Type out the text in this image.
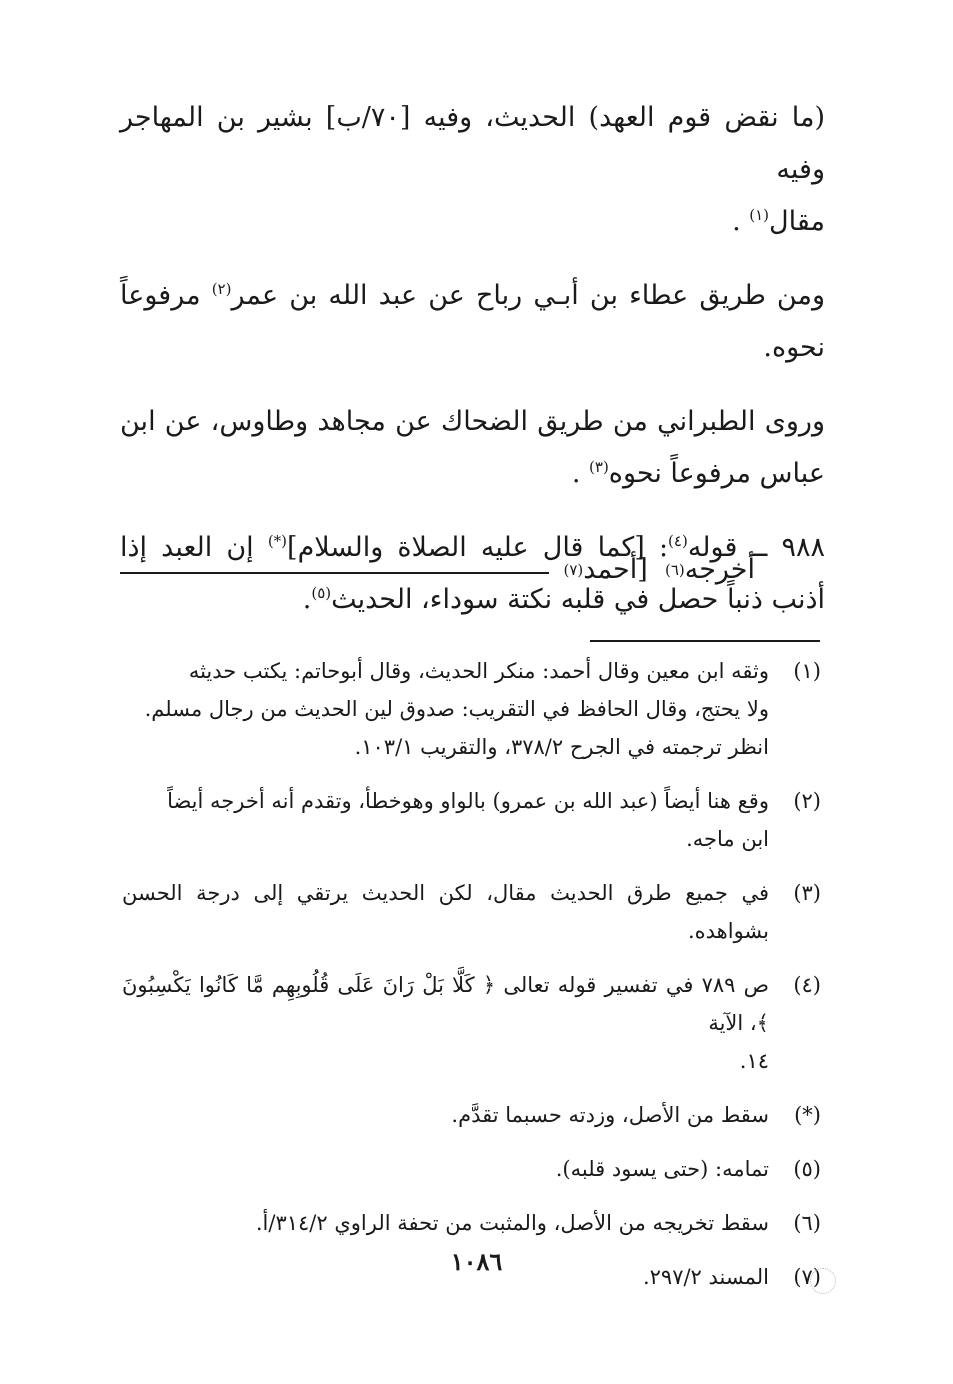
(ما نقض قوم العهد) الحديث، وفيه [٧٠/ب] بشير بن المهاجر وفيه
مقال$^{(١)}$ .

ومن طريق عطاء بن أبـي رباح عن عبد الله بن عمر$^{(٢)}$ مرفوعاً نحوه.

وروى الطبراني من طريق الضحاك عن مجاهد وطاوس، عن ابن عباس مرفوعاً نحوه$^{(٣)}$ .

٩٨٨ ــ قوله$^{(٤)}$: [كما قال عليه الصلاة والسلام](*) إن العبد إذا أذنب ذنباً حصل في قلبه نكتة سوداء، الحديث$^{(٥)}$.

أخرجه
(٦)

[أحمد
(٧)
(١)
وثقه ابن معين وقال أحمد: منكر الحديث، وقال أبوحاتم: يكتب حديثه
ولا يحتج، وقال الحافظ في التقريب: صدوق لين الحديث من رجال مسلم.
انظر ترجمته في الجرح ٣٧٨/٢، والتقريب ١٠٣/١.
(٢)
وقع هنا أيضاً (عبد الله بن عمرو) بالواو وهوخطأ، وتقدم أنه أخرجه أيضاً
ابن ماجه.
(٣)
في جميع طرق الحديث مقال، لكن الحديث يرتقي إلى درجة الحسن بشواهده.
(٤)
ص ٧٨٩ في تفسير قوله تعالى ﴿ كَلَّا بَلْ رَانَ عَلَى قُلُوبِهِم مَّا كَانُوا يَكْسِبُونَ ﴾، الآية
١٤.
(*)
سقط من الأصل، وزدته حسبما تقدَّم.
(٥)
تمامه: (حتى يسود قلبه).
(٦)
سقط تخريجه من الأصل، والمثبت من تحفة الراوي ٣١٤/٢/أ.
(٧)
المسند ٢٩٧/٢.
١٠٨٦
